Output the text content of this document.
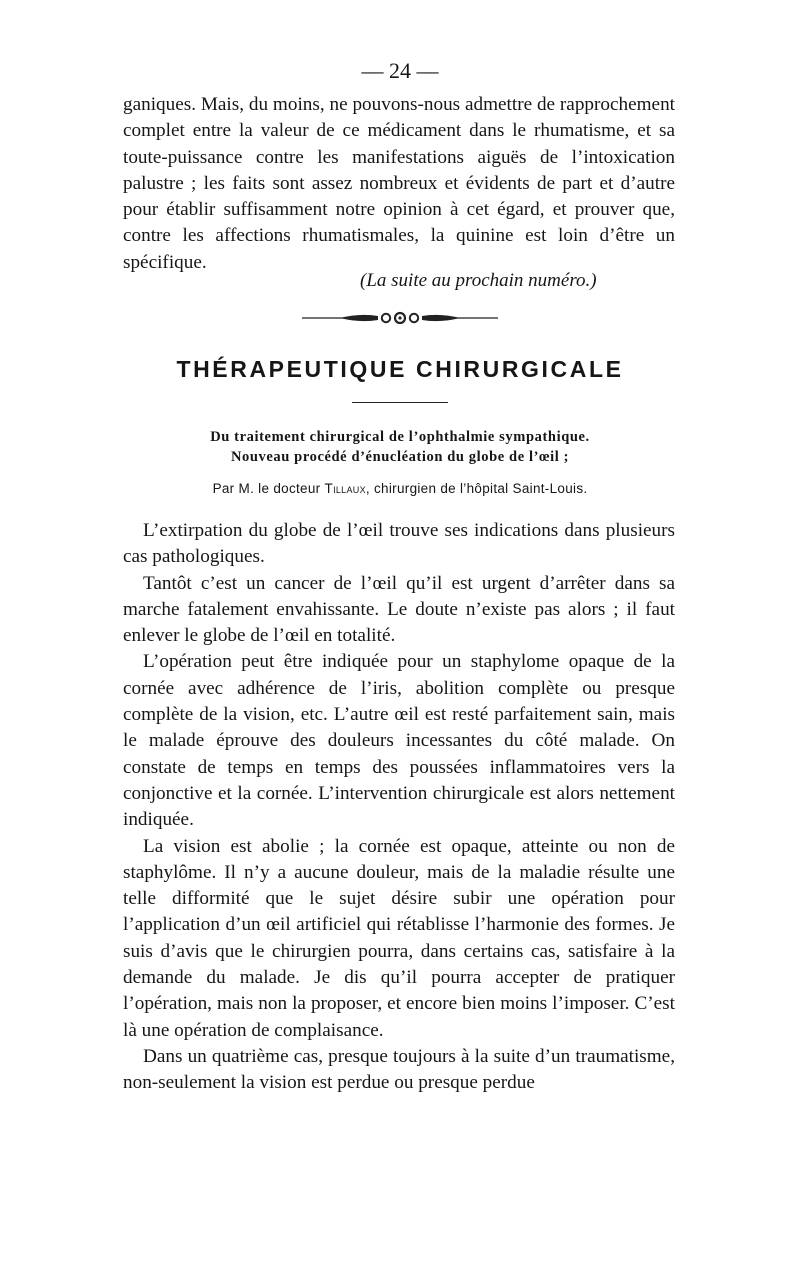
— 24 —

ganiques. Mais, du moins, ne pouvons-nous admettre de rapprochement complet entre la valeur de ce médicament dans le rhumatisme, et sa toute-puissance contre les manifestations aiguës de l’intoxication palustre ; les faits sont assez nombreux et évidents de part et d’autre pour établir suffisamment notre opinion à cet égard, et prouver que, contre les affections rhumatismales, la quinine est loin d’être un spécifique.

(La suite au prochain numéro.)
THÉRAPEUTIQUE CHIRURGICALE
Du traitement chirurgical de l’ophthalmie sympathique.
Nouveau procédé d’énucléation du globe de l’œil ;
Par M. le docteur Tillaux, chirurgien de l’hôpital Saint-Louis.

L’extirpation du globe de l’œil trouve ses indications dans plusieurs cas pathologiques.

Tantôt c’est un cancer de l’œil qu’il est urgent d’arrêter dans sa marche fatalement envahissante. Le doute n’existe pas alors ; il faut enlever le globe de l’œil en totalité.

L’opération peut être indiquée pour un staphylome opaque de la cornée avec adhérence de l’iris, abolition complète ou presque complète de la vision, etc. L’autre œil est resté parfaitement sain, mais le malade éprouve des douleurs incessantes du côté malade. On constate de temps en temps des poussées inflammatoires vers la conjonctive et la cornée. L’intervention chirurgicale est alors nettement indiquée.

La vision est abolie ; la cornée est opaque, atteinte ou non de staphylôme. Il n’y a aucune douleur, mais de la maladie résulte une telle difformité que le sujet désire subir une opération pour l’application d’un œil artificiel qui rétablisse l’harmonie des formes. Je suis d’avis que le chirurgien pourra, dans certains cas, satisfaire à la demande du malade. Je dis qu’il pourra accepter de pratiquer l’opération, mais non la proposer, et encore bien moins l’imposer. C’est là une opération de complaisance.

Dans un quatrième cas, presque toujours à la suite d’un traumatisme, non-seulement la vision est perdue ou presque perdue
